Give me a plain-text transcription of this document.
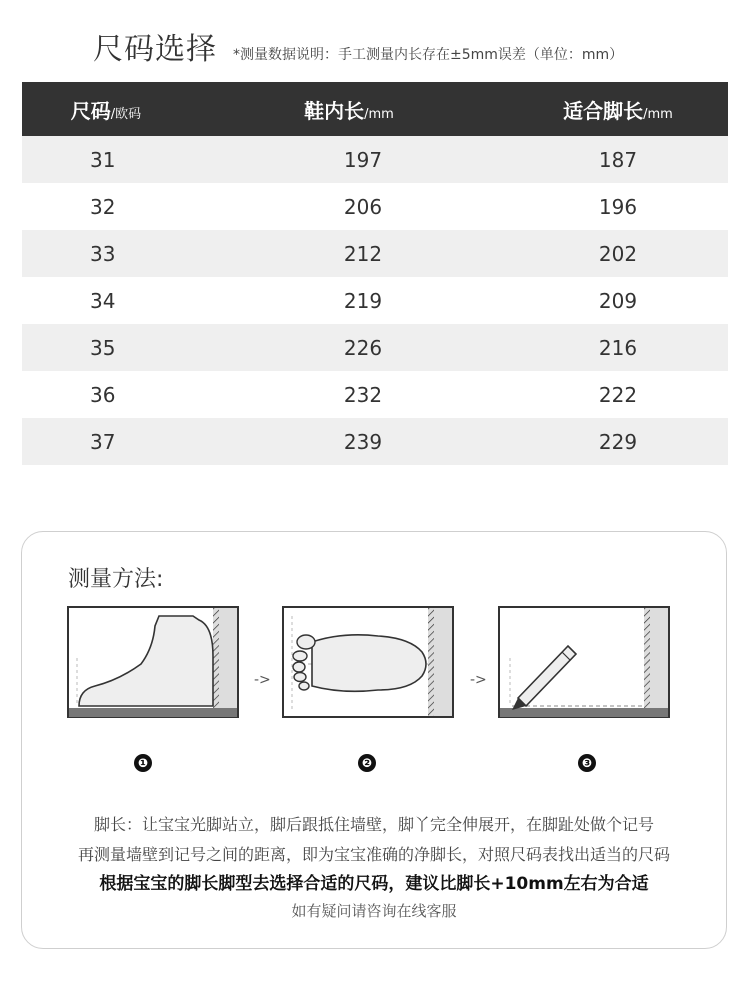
尺码选择 *测量数据说明：手工测量内长存在±5mm误差（单位：mm）
尺码/欧码	鞋内长/mm	适合脚长/mm
31	197	187
32	206	196
33	212	202
34	219	209
35	226	216
36	232	222
37	239	229
测量方法:
->	->
❶	❷	❸
脚长：让宝宝光脚站立，脚后跟抵住墙壁，脚丫完全伸展开，在脚趾处做个记号
再测量墙壁到记号之间的距离，即为宝宝准确的净脚长，对照尺码表找出适当的尺码
根据宝宝的脚长脚型去选择合适的尺码，建议比脚长+10mm左右为合适
如有疑问请咨询在线客服
